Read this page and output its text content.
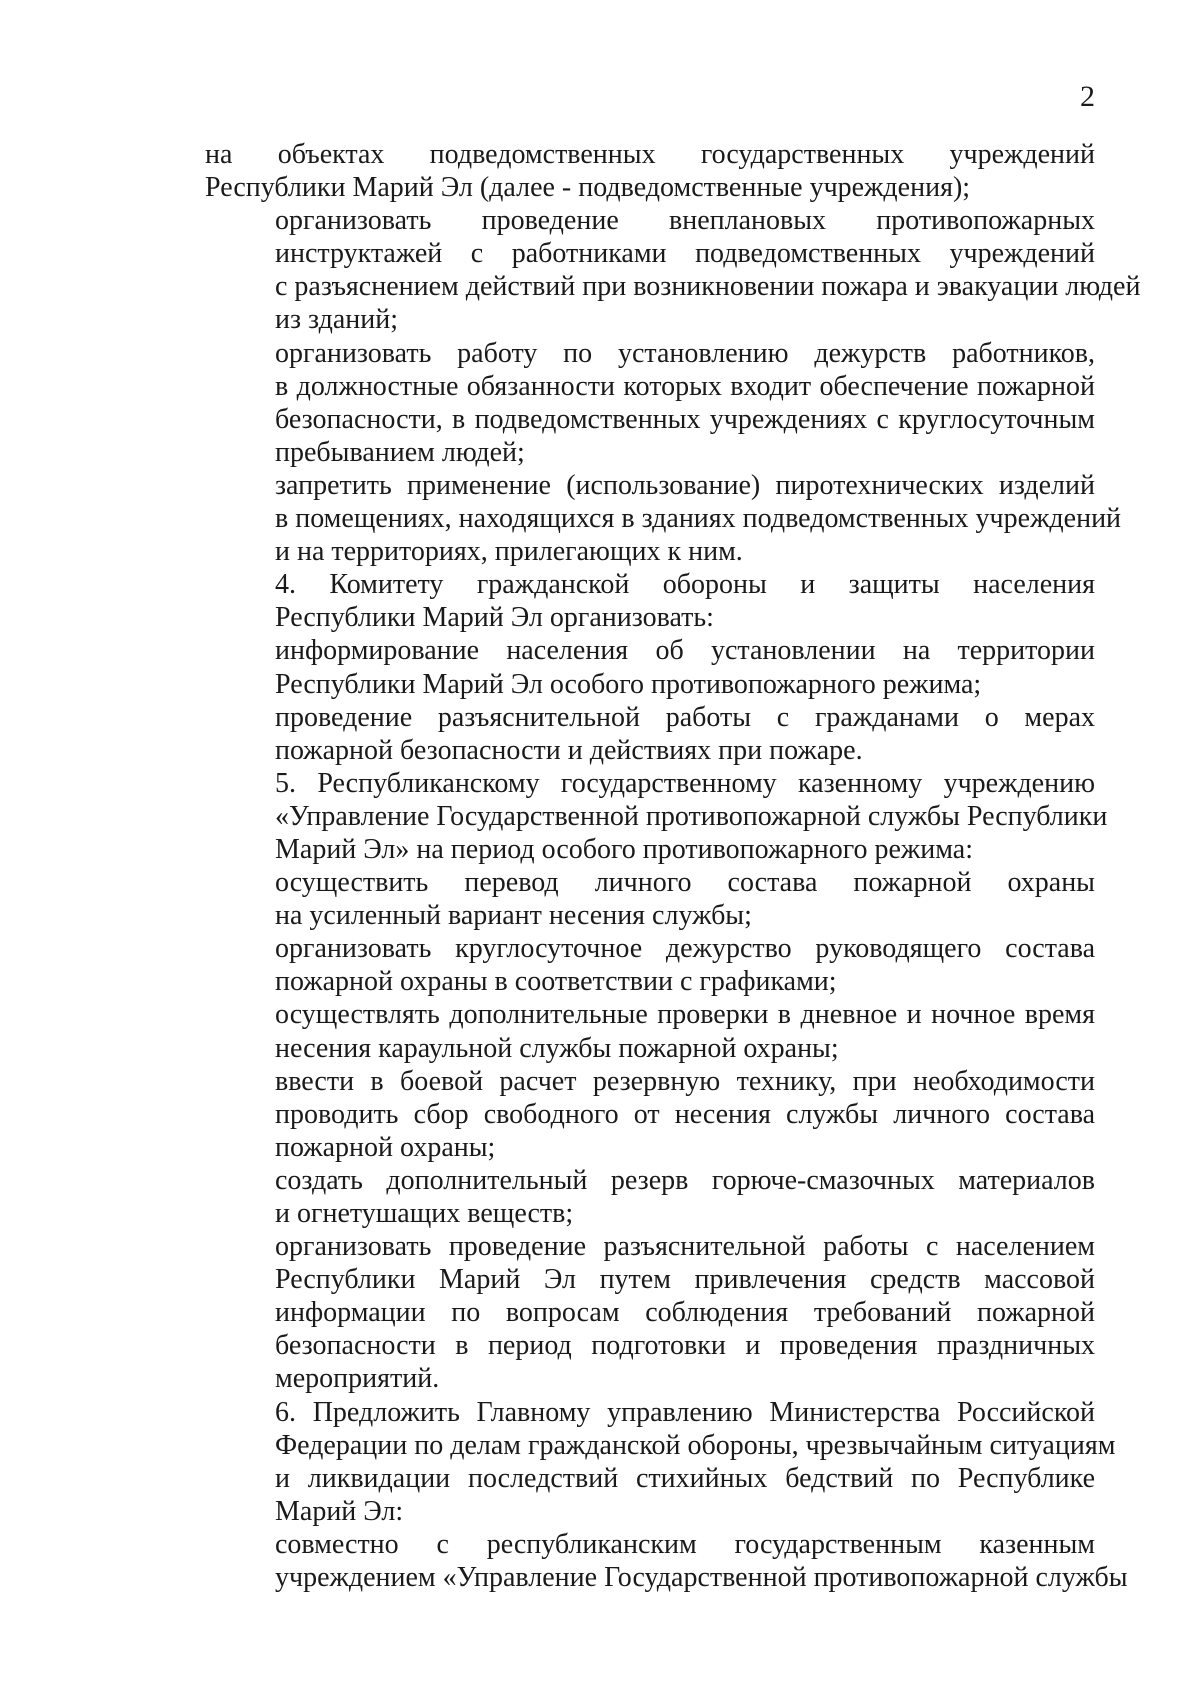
2

на объектах подведомственных государственных учреждений
Республики Марий Эл (далее - подведомственные учреждения);

организовать проведение внеплановых противопожарных
инструктажей с работниками подведомственных учреждений
с разъяснением действий при возникновении пожара и эвакуации людей
из зданий;

организовать работу по установлению дежурств работников,
в должностные обязанности которых входит обеспечение пожарной
безопасности, в подведомственных учреждениях с круглосуточным
пребыванием людей;

запретить применение (использование) пиротехнических изделий
в помещениях, находящихся в зданиях подведомственных учреждений
и на территориях, прилегающих к ним.

4. Комитету гражданской обороны и защиты населения
Республики Марий Эл организовать:

информирование населения об установлении на территории
Республики Марий Эл особого противопожарного режима;

проведение разъяснительной работы с гражданами о мерах
пожарной безопасности и действиях при пожаре.

5. Республиканскому государственному казенному учреждению
«Управление Государственной противопожарной службы Республики
Марий Эл» на период особого противопожарного режима:

осуществить перевод личного состава пожарной охраны
на усиленный вариант несения службы;

организовать круглосуточное дежурство руководящего состава
пожарной охраны в соответствии с графиками;

осуществлять дополнительные проверки в дневное и ночное время
несения караульной службы пожарной охраны;

ввести в боевой расчет резервную технику, при необходимости
проводить сбор свободного от несения службы личного состава
пожарной охраны;

создать дополнительный резерв горюче-смазочных материалов
и огнетушащих веществ;

организовать проведение разъяснительной работы с населением
Республики Марий Эл путем привлечения средств массовой
информации по вопросам соблюдения требований пожарной
безопасности в период подготовки и проведения праздничных
мероприятий.

6. Предложить Главному управлению Министерства Российской
Федерации по делам гражданской обороны, чрезвычайным ситуациям
и ликвидации последствий стихийных бедствий по Республике
Марий Эл:

совместно с республиканским государственным казенным
учреждением «Управление Государственной противопожарной службы
